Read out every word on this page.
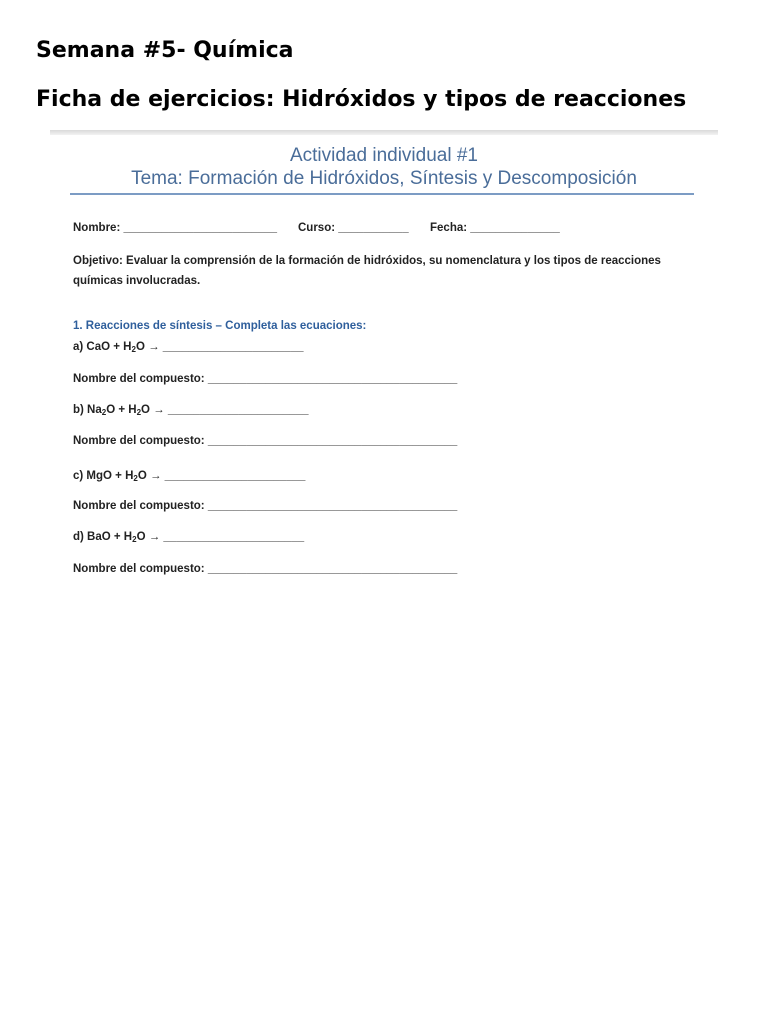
Semana #5- Química
Ficha de ejercicios: Hidróxidos y tipos de reacciones
Actividad individual #1
Tema: Formación de Hidróxidos, Síntesis y Descomposición
Nombre: ________________________ Curso: ___________ Fecha: ______________
Objetivo: Evaluar la comprensión de la formación de hidróxidos, su nomenclatura y los tipos de reacciones químicas involucradas.
1. Reacciones de síntesis – Completa las ecuaciones:
a) CaO + $H_2O$ → ______________________
Nombre del compuesto: _______________________________________
b) $Na_2O + H_2O$ → ______________________
Nombre del compuesto: _______________________________________
c) MgO + $H_2O$ → ______________________
Nombre del compuesto: _______________________________________
d) BaO + $H_2O$ → ______________________
Nombre del compuesto: _______________________________________
